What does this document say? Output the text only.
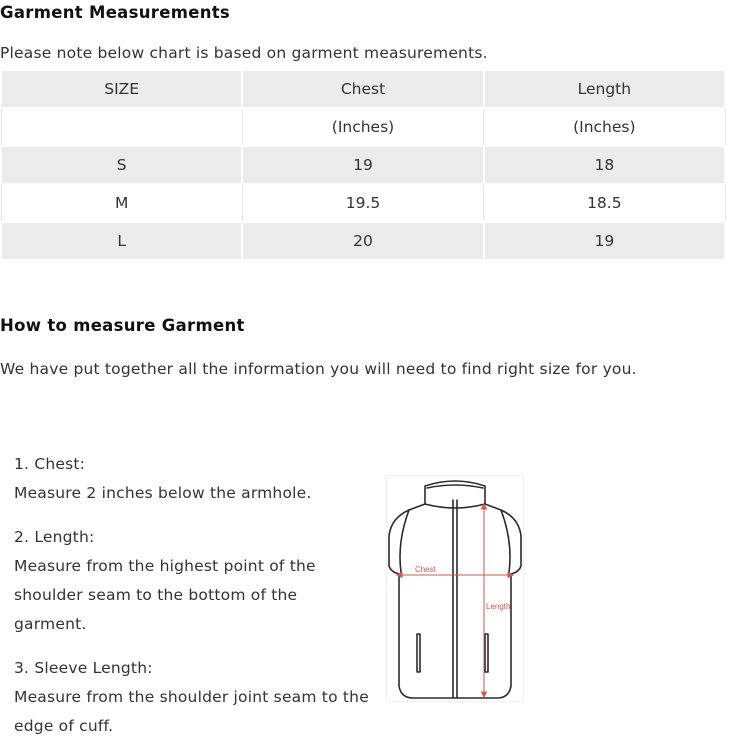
Garment Measurements

Please note below chart is based on garment measurements.

SIZE	Chest	Length
	(Inches)	(Inches)
S	19	18
M	19.5	18.5
L	20	19
How to measure Garment

We have put together all the information you will need to find right size for you.

1. Chest:
Measure 2 inches below the armhole.
2. Length:
Measure from the highest point of the shoulder seam to the bottom of the garment.
3. Sleeve Length:
Measure from the shoulder joint seam to the edge of cuff.
Chest
Length
